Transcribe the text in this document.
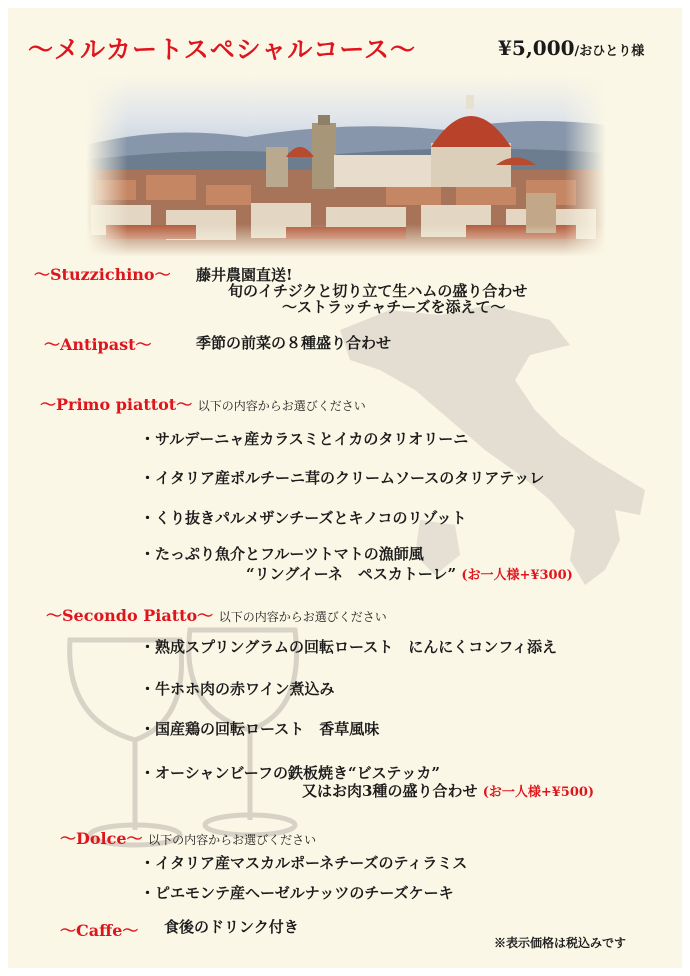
〜メルカートスペシャルコース〜	¥5,000/おひとり様
〜Stuzzichino〜 藤井農園直送!
旬のイチジクと切り立て生ハムの盛り合わせ
〜ストラッチャチーズを添えて〜
〜Antipast〜	季節の前菜の８種盛り合わせ
〜Primo piattot〜 以下の内容からお選びください
・サルデーニャ産カラスミとイカのタリオリーニ
・イタリア産ポルチーニ茸のクリームソースのタリアテッレ
・くり抜きパルメザンチーズとキノコのリゾット
・たっぷり魚介とフルーツトマトの漁師風
“リングイーネ　ペスカトーレ” (お一人様+¥300)
〜Secondo Piatto〜 以下の内容からお選びください
・熟成スプリングラムの回転ロースト　にんにくコンフィ添え
・牛ホホ肉の赤ワイン煮込み
・国産鶏の回転ロースト　香草風味
・オーシャンビーフの鉄板焼き“ビステッカ”
又はお肉3種の盛り合わせ (お一人様+¥500)
〜Dolce〜 以下の内容からお選びください
・イタリア産マスカルポーネチーズのティラミス
・ピエモンテ産ヘーゼルナッツのチーズケーキ
〜Caffe〜 食後のドリンク付き
※表示価格は税込みです
